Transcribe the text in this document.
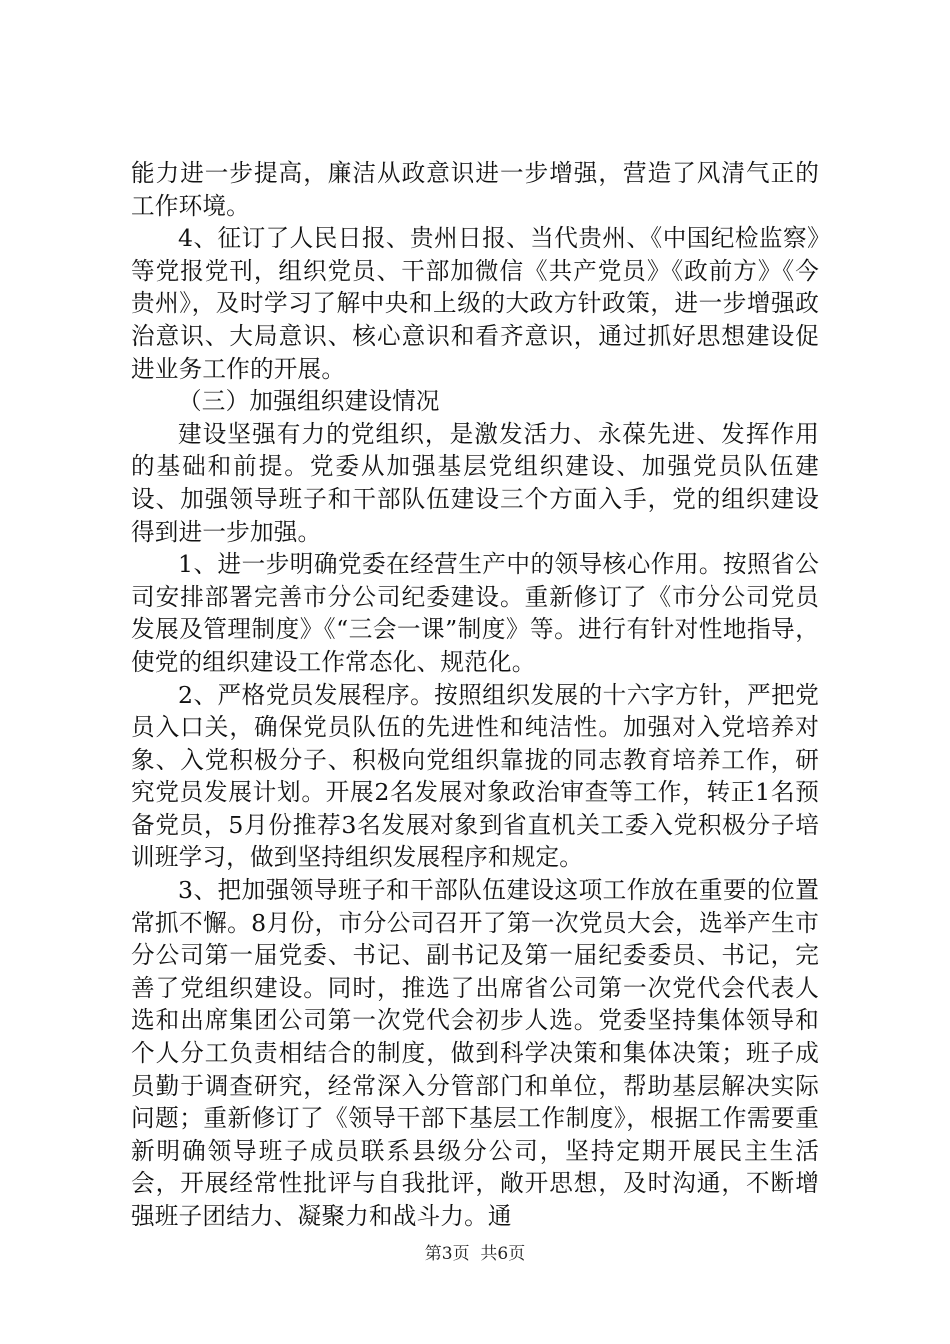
能力进一步提高，廉洁从政意识进一步增强，营造了风清气正的工作环境。

4、征订了人民日报、贵州日报、当代贵州、《中国纪检监察》等党报党刊，组织党员、干部加微信《共产党员》《政前方》《今贵州》，及时学习了解中央和上级的大政方针政策，进一步增强政治意识、大局意识、核心意识和看齐意识，通过抓好思想建设促进业务工作的开展。

（三）加强组织建设情况

建设坚强有力的党组织，是激发活力、永葆先进、发挥作用的基础和前提。党委从加强基层党组织建设、加强党员队伍建设、加强领导班子和干部队伍建设三个方面入手，党的组织建设得到进一步加强。

1、进一步明确党委在经营生产中的领导核心作用。按照省公司安排部署完善市分公司纪委建设。重新修订了《市分公司党员发展及管理制度》《“三会一课”制度》等。进行有针对性地指导，使党的组织建设工作常态化、规范化。

2、严格党员发展程序。按照组织发展的十六字方针，严把党员入口关，确保党员队伍的先进性和纯洁性。加强对入党培养对象、入党积极分子、积极向党组织靠拢的同志教育培养工作，研究党员发展计划。开展2名发展对象政治审查等工作，转正1名预备党员，5月份推荐3名发展对象到省直机关工委入党积极分子培训班学习，做到坚持组织发展程序和规定。

3、把加强领导班子和干部队伍建设这项工作放在重要的位置常抓不懈。8月份，市分公司召开了第一次党员大会，选举产生市分公司第一届党委、书记、副书记及第一届纪委委员、书记，完善了党组织建设。同时，推选了出席省公司第一次党代会代表人选和出席集团公司第一次党代会初步人选。党委坚持集体领导和个人分工负责相结合的制度，做到科学决策和集体决策；班子成员勤于调查研究，经常深入分管部门和单位，帮助基层解决实际问题；重新修订了《领导干部下基层工作制度》，根据工作需要重新明确领导班子成员联系县级分公司，坚持定期开展民主生活会，开展经常性批评与自我批评，敞开思想，及时沟通，不断增强班子团结力、凝聚力和战斗力。通

第3页  共6页
